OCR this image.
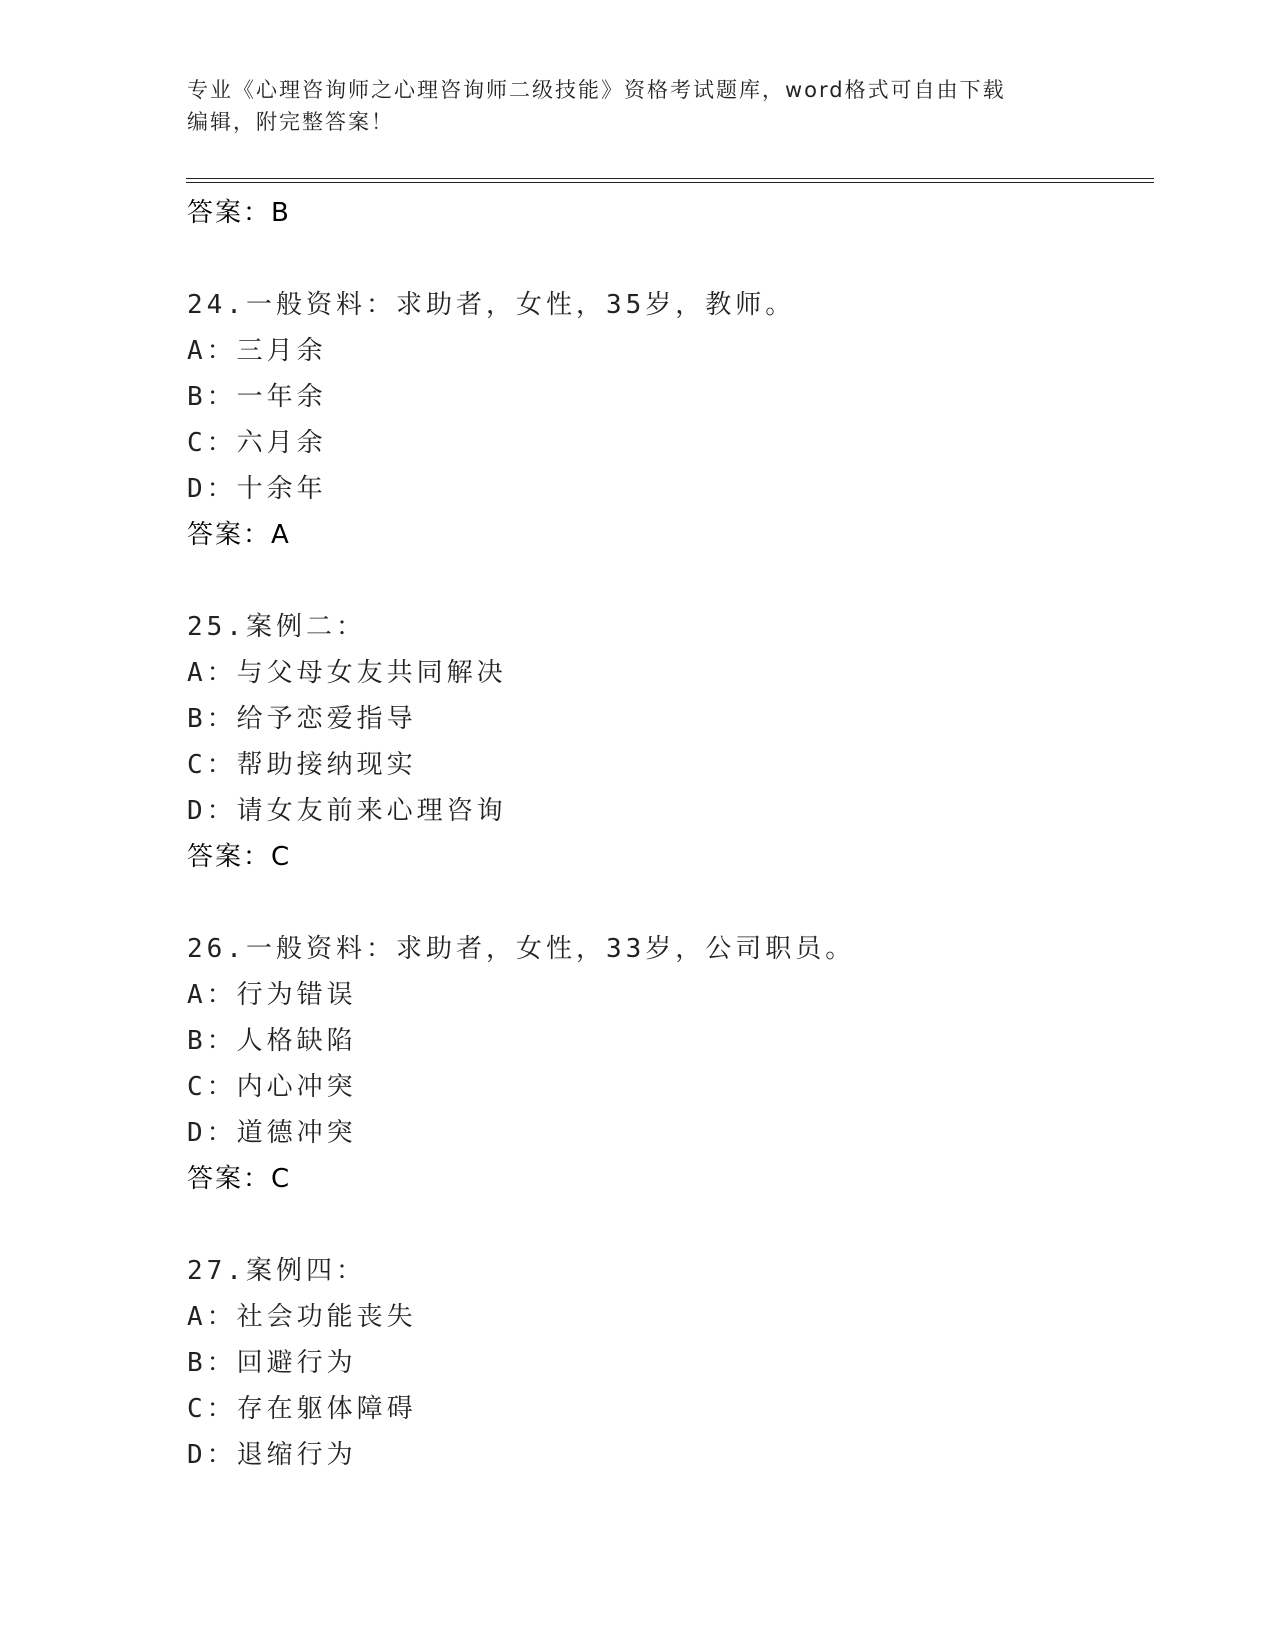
专业《心理咨询师之心理咨询师二级技能》资格考试题库，word格式可自由下载
编辑，附完整答案！
答案：B
24.一般资料：求助者，女性，35岁，教师。
A：三月余
B：一年余
C：六月余
D：十余年
答案：A
25.案例二：
A：与父母女友共同解决
B：给予恋爱指导
C：帮助接纳现实
D：请女友前来心理咨询
答案：C
26.一般资料：求助者，女性，33岁，公司职员。
A：行为错误
B：人格缺陷
C：内心冲突
D：道德冲突
答案：C
27.案例四：
A：社会功能丧失
B：回避行为
C：存在躯体障碍
D：退缩行为
